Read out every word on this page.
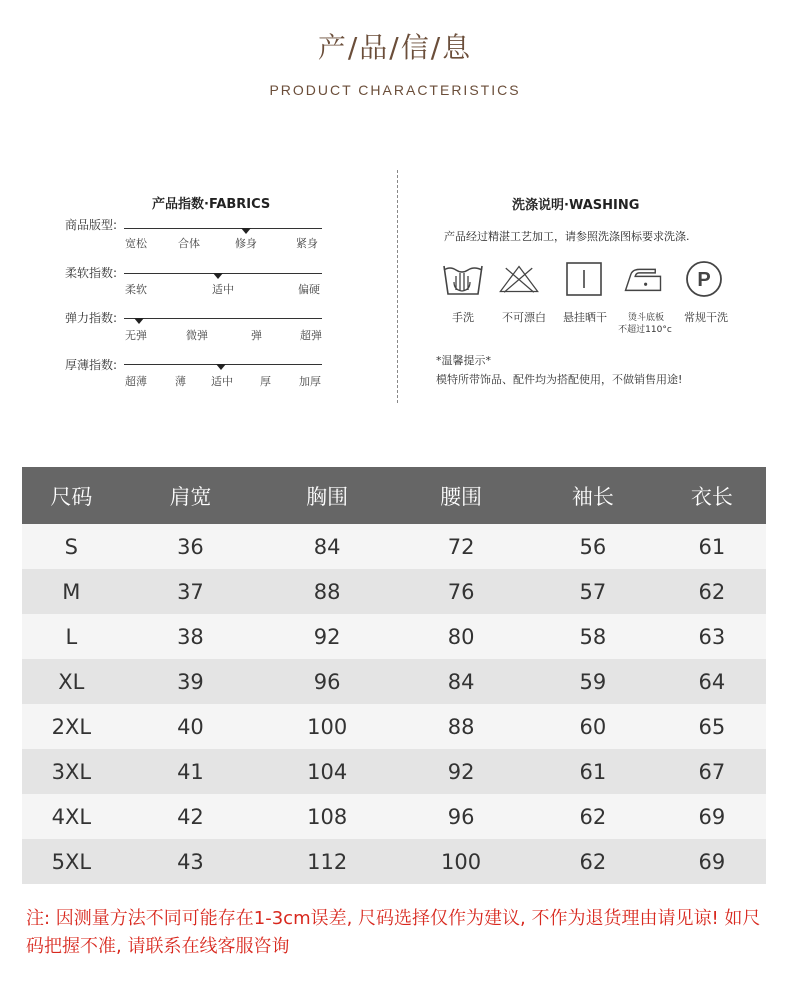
产/品/信/息
PRODUCT CHARACTERISTICS
产品指数·FABRICS
商品版型:
宽松	合体	修身	紧身
柔软指数:
柔软	适中	偏硬
弹力指数:
无弹	微弹	弹	超弹
厚薄指数:
超薄	薄 适中 厚	加厚
洗涤说明·WASHING
产品经过精湛工艺加工，请参照洗涤图标要求洗涤.
P
手洗	不可漂白	悬挂晒干	烫斗底板
不超过110°c
常规干洗
*温馨提示*
模特所带饰品、配件均为搭配使用，不做销售用途!
尺码	肩宽	胸围	腰围	袖长	衣长
S	36	84	72	56	61
M	37	88	76	57	62
L	38	92	80	58	63
XL	39	96	84	59	64
2XL	40	100	88	60	65
3XL	41	104	92	61	67
4XL	42	108	96	62	69
5XL	43	112	100	62	69
注: 因测量方法不同可能存在1-3cm误差, 尺码选择仅作为建议, 不作为退货理由请见谅! 如尺码把握不准, 请联系在线客服咨询
